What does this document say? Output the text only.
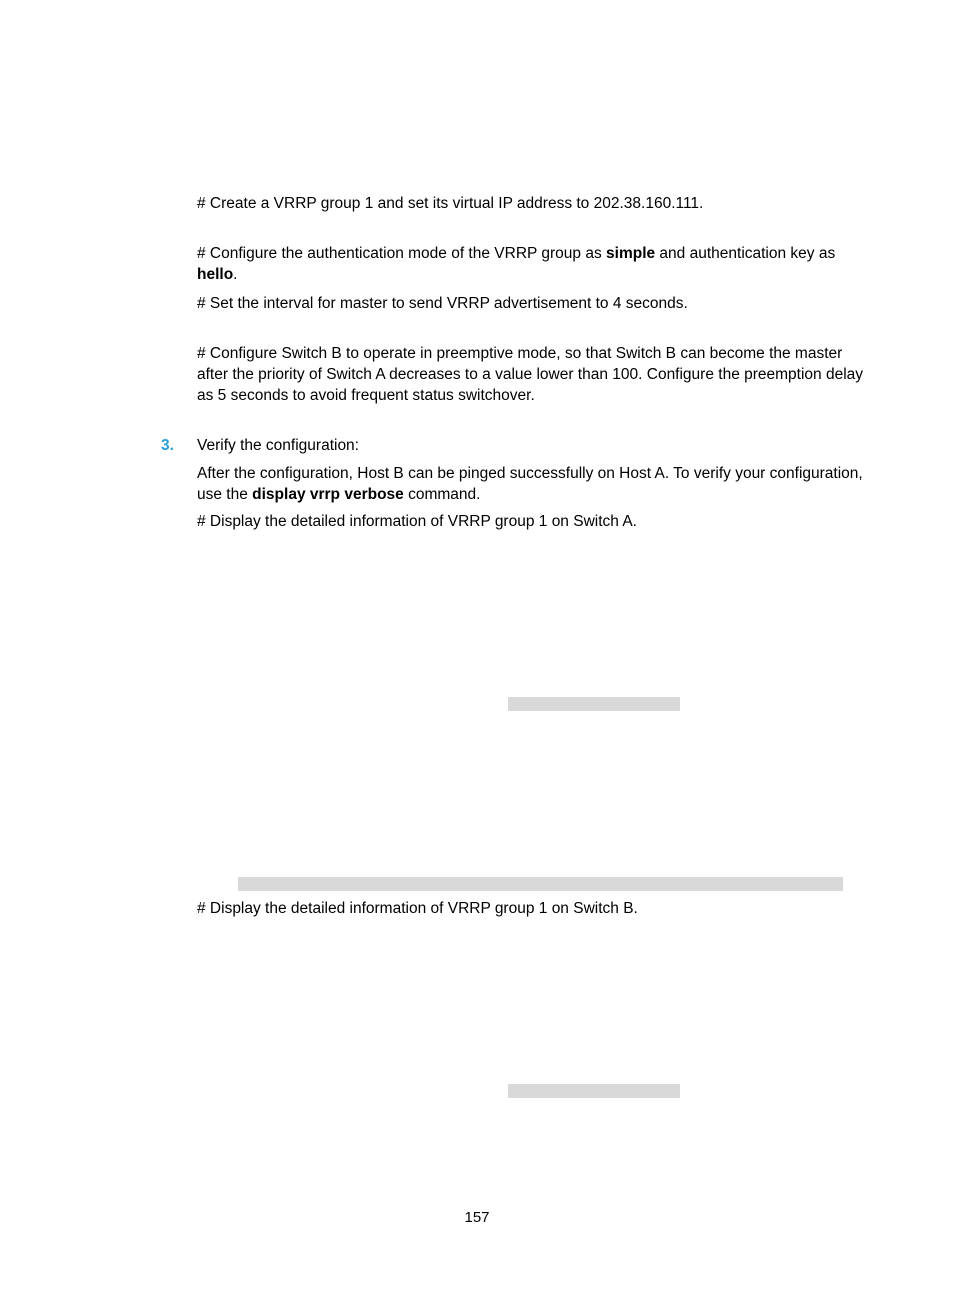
# Create a VRRP group 1 and set its virtual IP address to 202.38.160.111.

# Configure the authentication mode of the VRRP group as simple and authentication key as hello.

# Set the interval for master to send VRRP advertisement to 4 seconds.

# Configure Switch B to operate in preemptive mode, so that Switch B can become the master after the priority of Switch A decreases to a value lower than 100. Configure the preemption delay as 5 seconds to avoid frequent status switchover.

3. Verify the configuration:

After the configuration, Host B can be pinged successfully on Host A. To verify your configuration, use the display vrrp verbose command.

# Display the detailed information of VRRP group 1 on Switch A.

# Display the detailed information of VRRP group 1 on Switch B.

157
